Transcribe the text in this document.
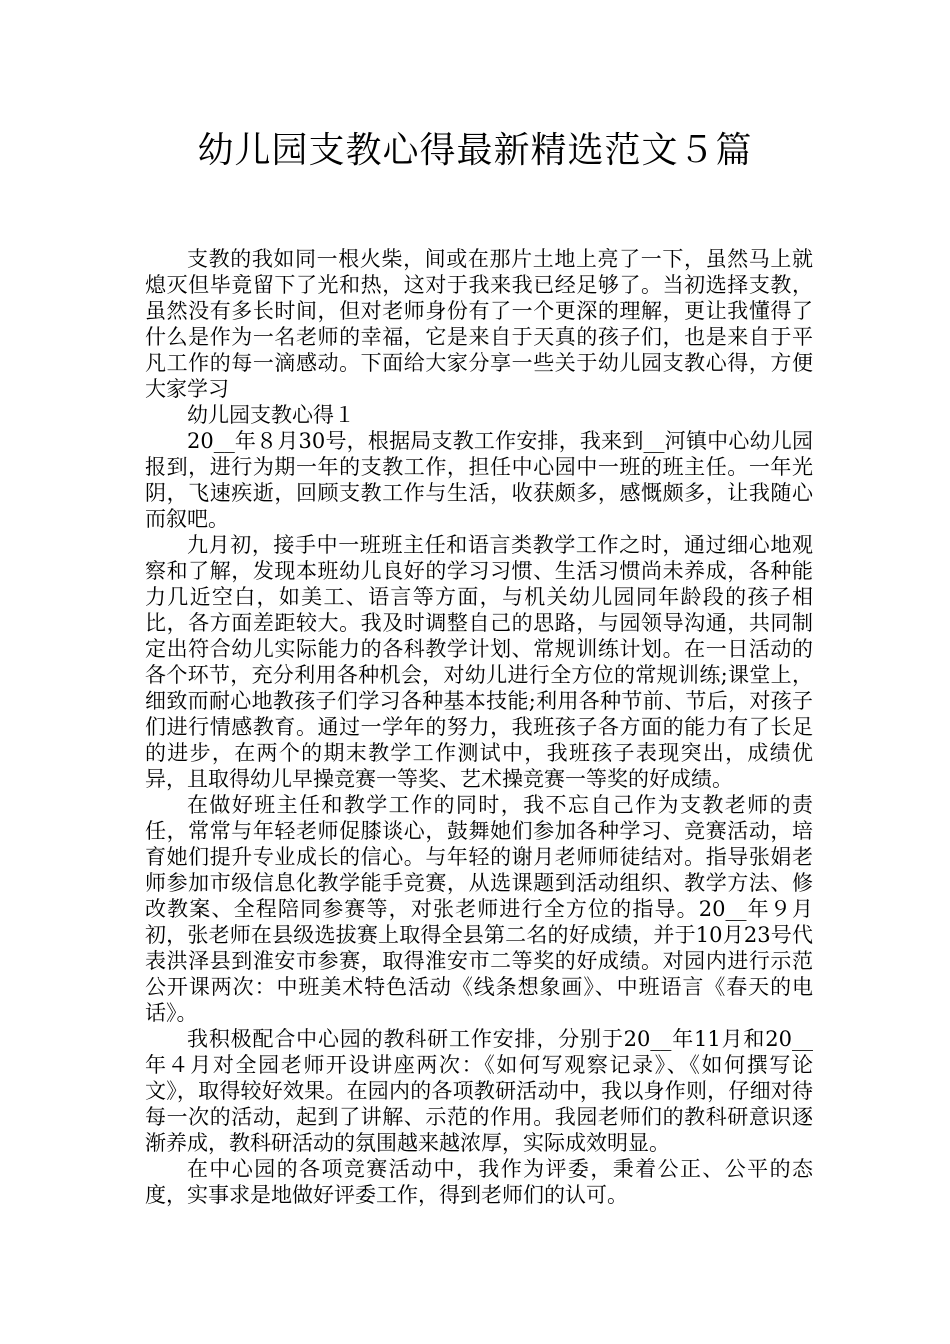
幼儿园支教心得最新精选范文５篇

支教的我如同一根火柴，间或在那片土地上亮了一下，虽然马上就熄灭但毕竟留下了光和热，这对于我来我已经足够了。当初选择支教，虽然没有多长时间，但对老师身份有了一个更深的理解，更让我懂得了什么是作为一名老师的幸福，它是来自于天真的孩子们，也是来自于平凡工作的每一滴感动。下面给大家分享一些关于幼儿园支教心得，方便大家学习

幼儿园支教心得１

20__年８月30号，根据局支教工作安排，我来到__河镇中心幼儿园报到，进行为期一年的支教工作，担任中心园中一班的班主任。一年光阴，飞速疾逝，回顾支教工作与生活，收获颇多，感慨颇多，让我随心而叙吧。

九月初，接手中一班班主任和语言类教学工作之时，通过细心地观察和了解，发现本班幼儿良好的学习习惯、生活习惯尚未养成，各种能力几近空白，如美工、语言等方面，与机关幼儿园同年龄段的孩子相比，各方面差距较大。我及时调整自己的思路，与园领导沟通，共同制定出符合幼儿实际能力的各科教学计划、常规训练计划。在一日活动的各个环节，充分利用各种机会，对幼儿进行全方位的常规训练;课堂上，细致而耐心地教孩子们学习各种基本技能;利用各种节前、节后，对孩子们进行情感教育。通过一学年的努力，我班孩子各方面的能力有了长足的进步，在两个的期末教学工作测试中，我班孩子表现突出，成绩优异，且取得幼儿早操竞赛一等奖、艺术操竞赛一等奖的好成绩。

在做好班主任和教学工作的同时，我不忘自己作为支教老师的责任，常常与年轻老师促膝谈心，鼓舞她们参加各种学习、竞赛活动，培育她们提升专业成长的信心。与年轻的谢月老师师徒结对。指导张娟老师参加市级信息化教学能手竞赛，从选课题到活动组织、教学方法、修改教案、全程陪同参赛等，对张老师进行全方位的指导。20__年９月初，张老师在县级选拔赛上取得全县第二名的好成绩，并于10月23号代表洪泽县到淮安市参赛，取得淮安市二等奖的好成绩。对园内进行示范公开课两次：中班美术特色活动《线条想象画》、中班语言《春天的电话》。

我积极配合中心园的教科研工作安排，分别于20__年11月和20__年４月对全园老师开设讲座两次：《如何写观察记录》、《如何撰写论文》，取得较好效果。在园内的各项教研活动中，我以身作则，仔细对待每一次的活动，起到了讲解、示范的作用。我园老师们的教科研意识逐渐养成，教科研活动的氛围越来越浓厚，实际成效明显。

在中心园的各项竞赛活动中，我作为评委，秉着公正、公平的态度，实事求是地做好评委工作，得到老师们的认可。
